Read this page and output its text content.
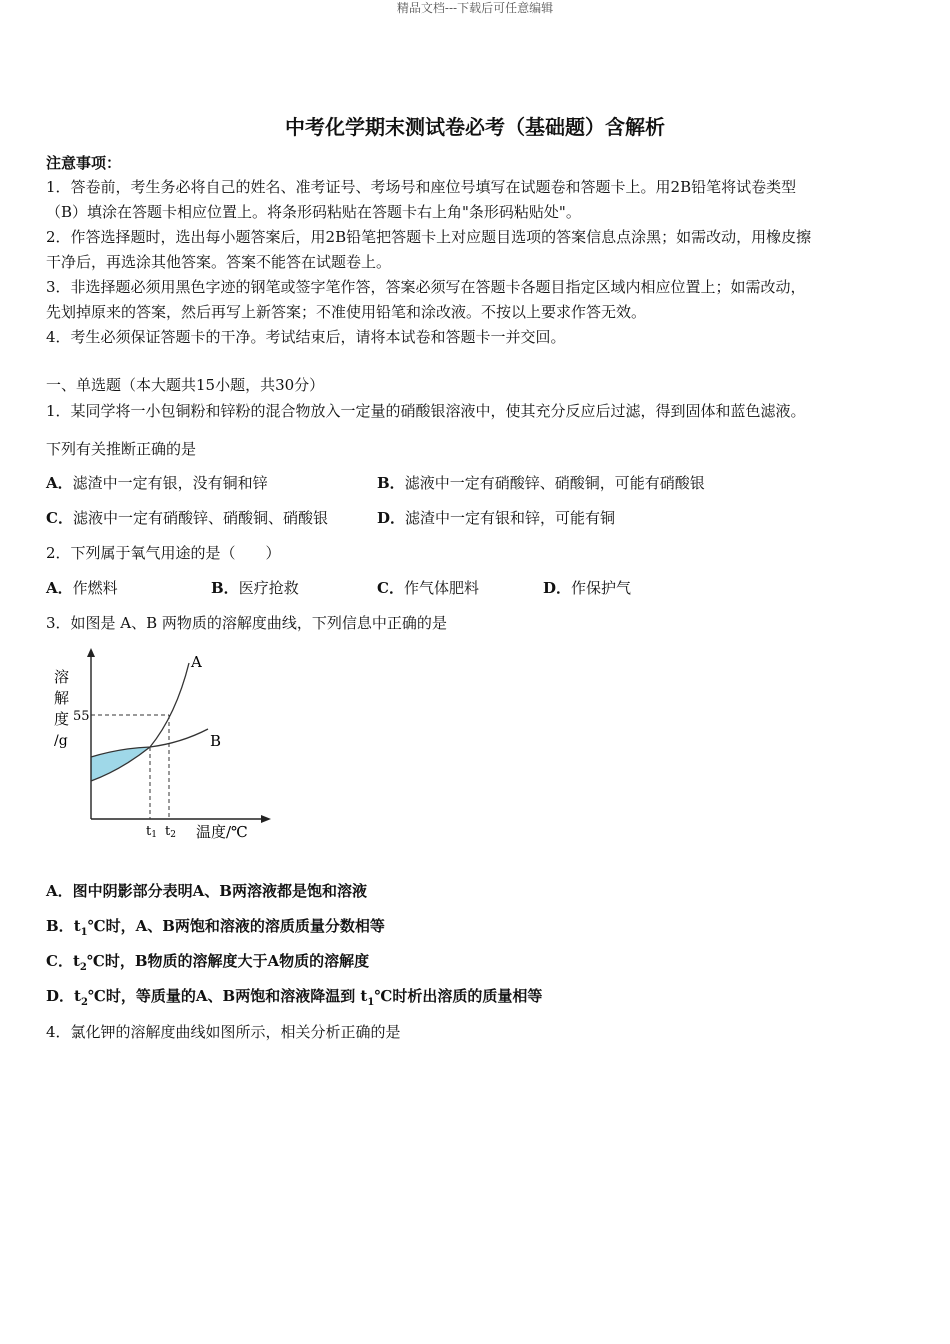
精品文档---下载后可任意编辑
中考化学期末测试卷必考（基础题）含解析
注意事项：
1．答卷前，考生务必将自己的姓名、准考证号、考场号和座位号填写在试题卷和答题卡上。用2B铅笔将试卷类型
（B）填涂在答题卡相应位置上。将条形码粘贴在答题卡右上角"条形码粘贴处"。
2．作答选择题时，选出每小题答案后，用2B铅笔把答题卡上对应题目选项的答案信息点涂黑；如需改动，用橡皮擦
干净后，再选涂其他答案。答案不能答在试题卷上。
3．非选择题必须用黑色字迹的钢笔或签字笔作答，答案必须写在答题卡各题目指定区域内相应位置上；如需改动，
先划掉原来的答案，然后再写上新答案；不准使用铅笔和涂改液。不按以上要求作答无效。
4．考生必须保证答题卡的干净。考试结束后，请将本试卷和答题卡一并交回。
一、单选题（本大题共15小题，共30分）
1．某同学将一小包铜粉和锌粉的混合物放入一定量的硝酸银溶液中，使其充分反应后过滤，得到固体和蓝色滤液。
下列有关推断正确的是
A．滤渣中一定有银，没有铜和锌	B．滤液中一定有硝酸锌、硝酸铜，可能有硝酸银
C．滤液中一定有硝酸锌、硝酸铜、硝酸银	D．滤渣中一定有银和锌，可能有铜
2．下列属于氧气用途的是（　　）
A．作燃料	B．医疗抢救	C．作气体肥料	D．作保护气
3．如图是 A、B 两物质的溶解度曲线，下列信息中正确的是
溶
解
度
/g
55
A
B
t1 t2 温度/℃
A．图中阴影部分表明A、B两溶液都是饱和溶液
B．$t_1℃$时，A、B两饱和溶液的溶质质量分数相等
C．$t_2℃$时，B物质的溶解度大于A物质的溶解度
D．$t_2℃$时，等质量的A、B两饱和溶液降温到 $t_1℃$时析出溶质的质量相等
4．氯化钾的溶解度曲线如图所示，相关分析正确的是
